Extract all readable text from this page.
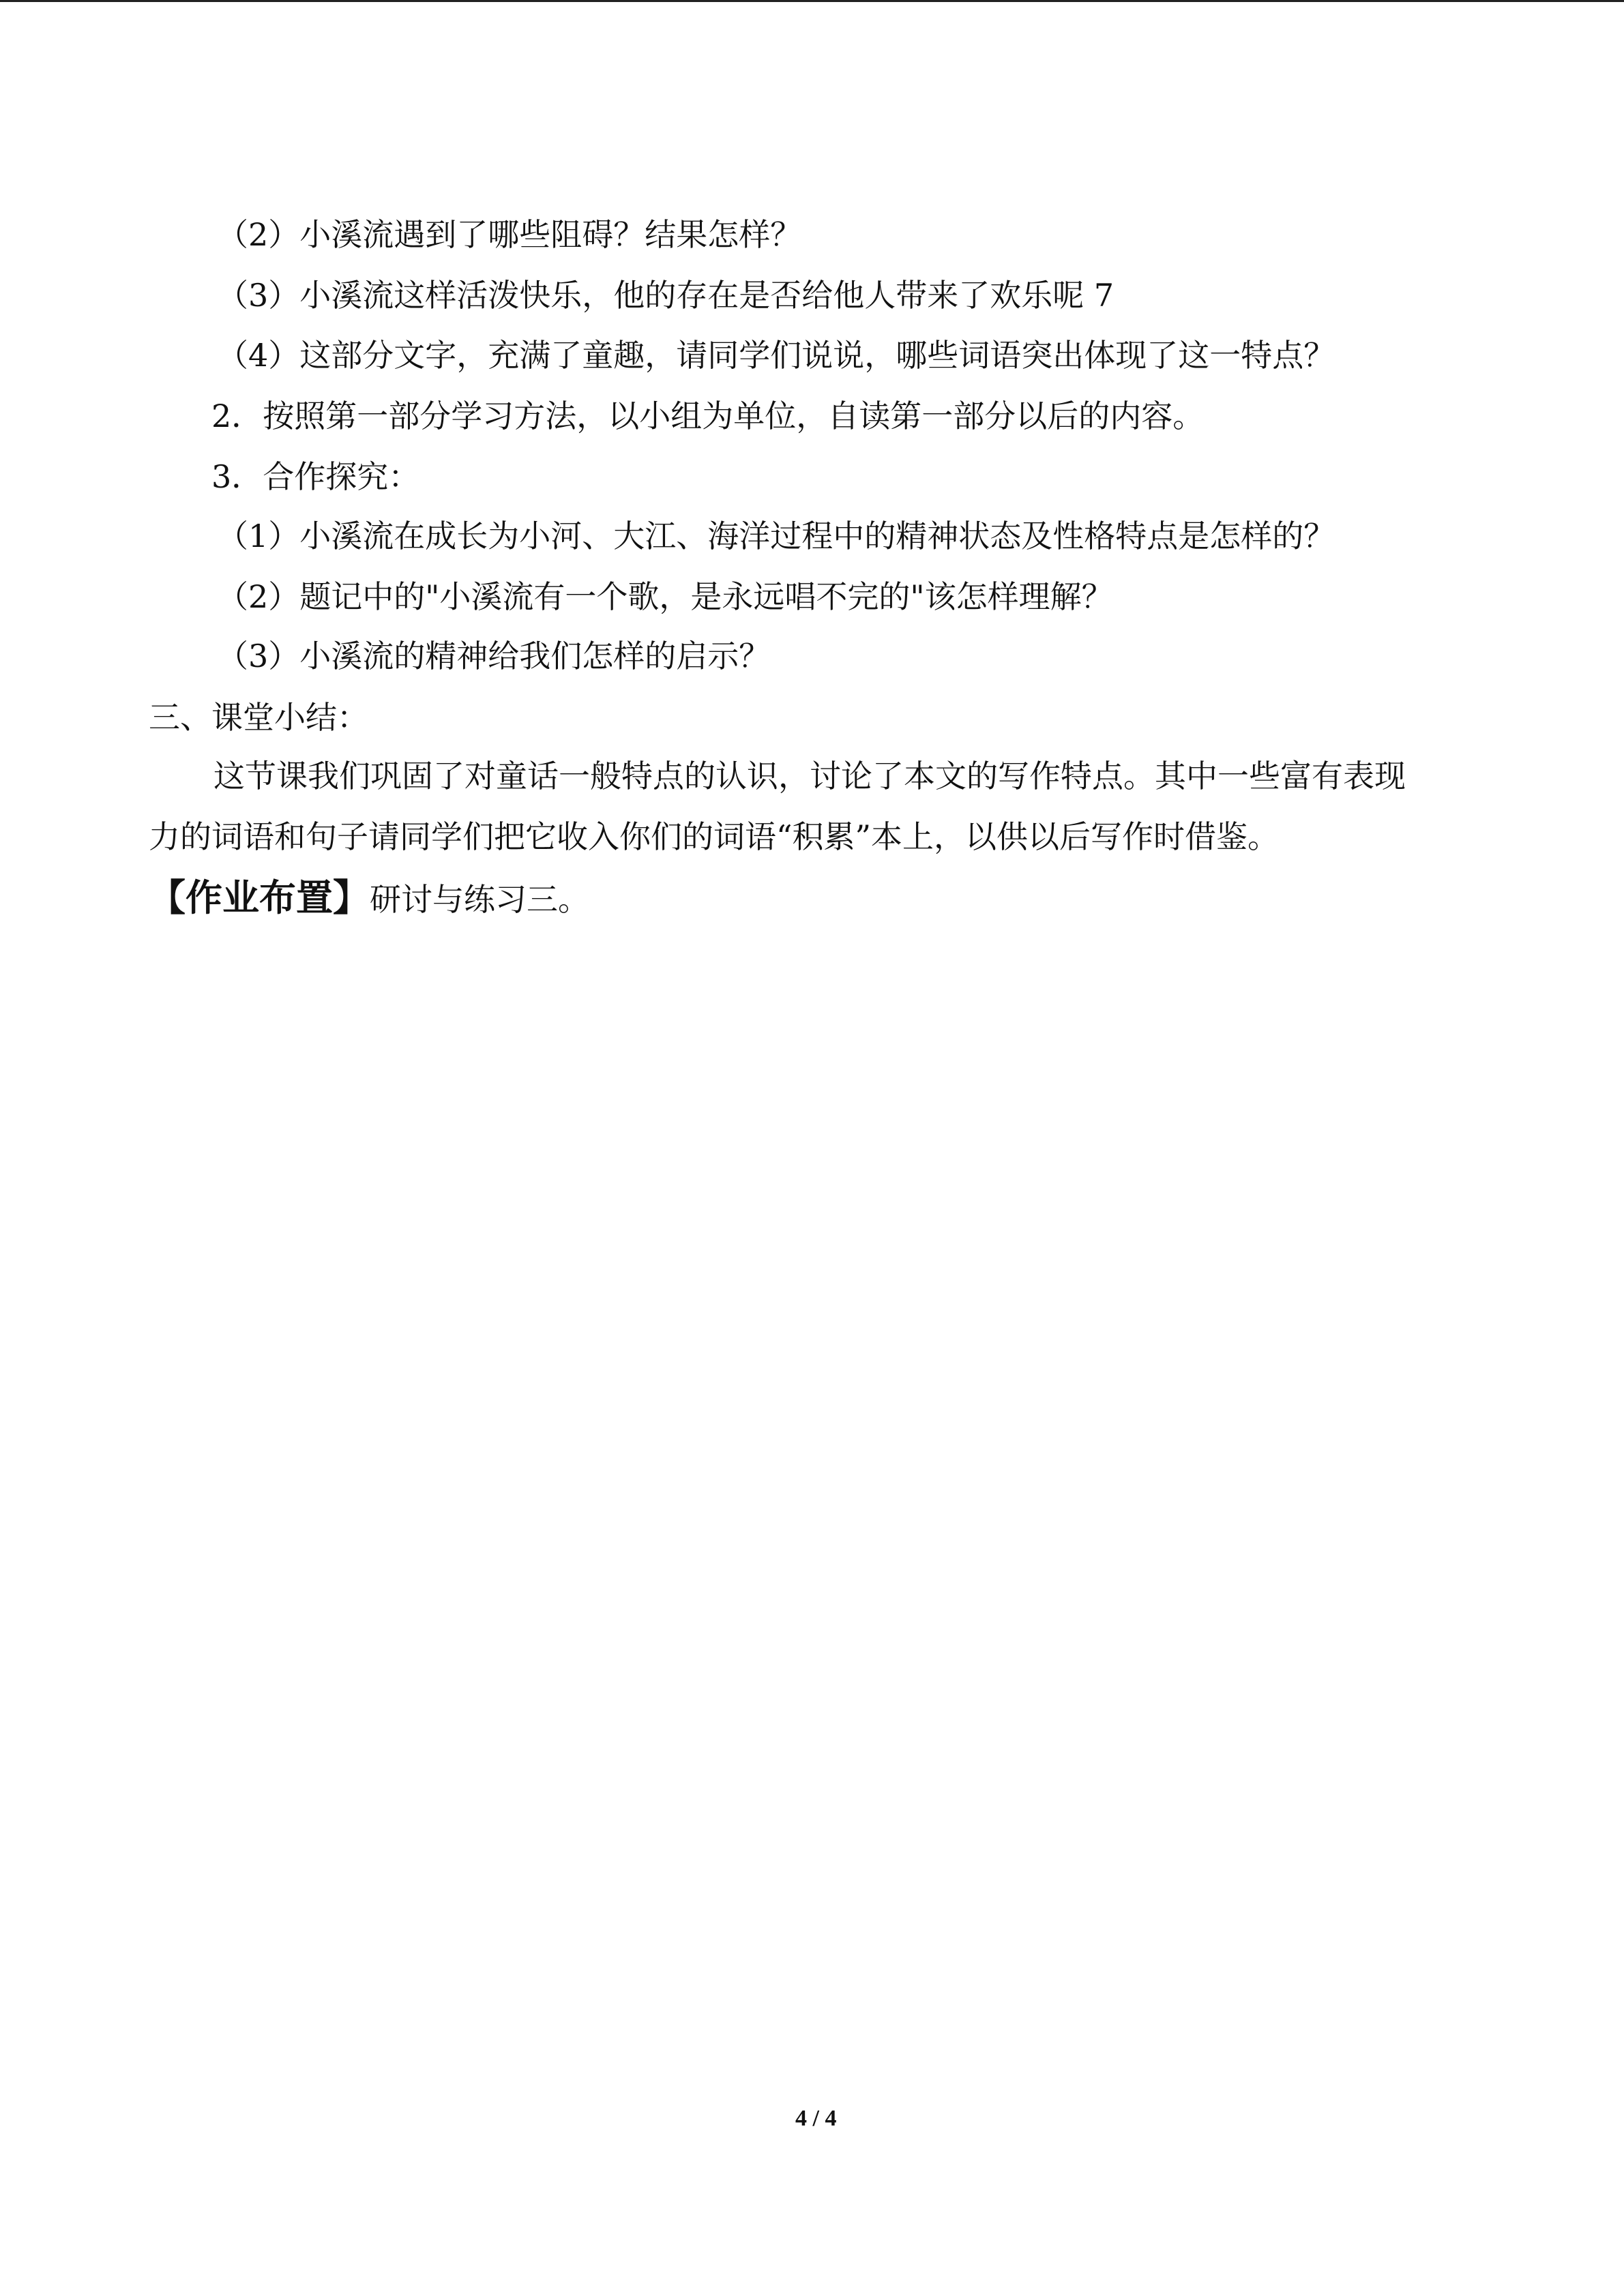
（2）小溪流遇到了哪些阻碍？结果怎样？
（3）小溪流这样活泼快乐，他的存在是否给他人带来了欢乐呢 7
（4）这部分文字，充满了童趣，请同学们说说，哪些词语突出体现了这一特点？
2．按照第一部分学习方法，以小组为单位，自读第一部分以后的内容。
3．合作探究：
（1）小溪流在成长为小河、大江、海洋过程中的精神状态及性格特点是怎样的？
（2）题记中的"小溪流有一个歌，是永远唱不完的"该怎样理解？
（3）小溪流的精神给我们怎样的启示？
三、课堂小结：
这节课我们巩固了对童话一般特点的认识，讨论了本文的写作特点。其中一些富有表现
力的词语和句子请同学们把它收入你们的词语“积累”本上，以供以后写作时借鉴。
【作业布置】研讨与练习三。
4 / 4
